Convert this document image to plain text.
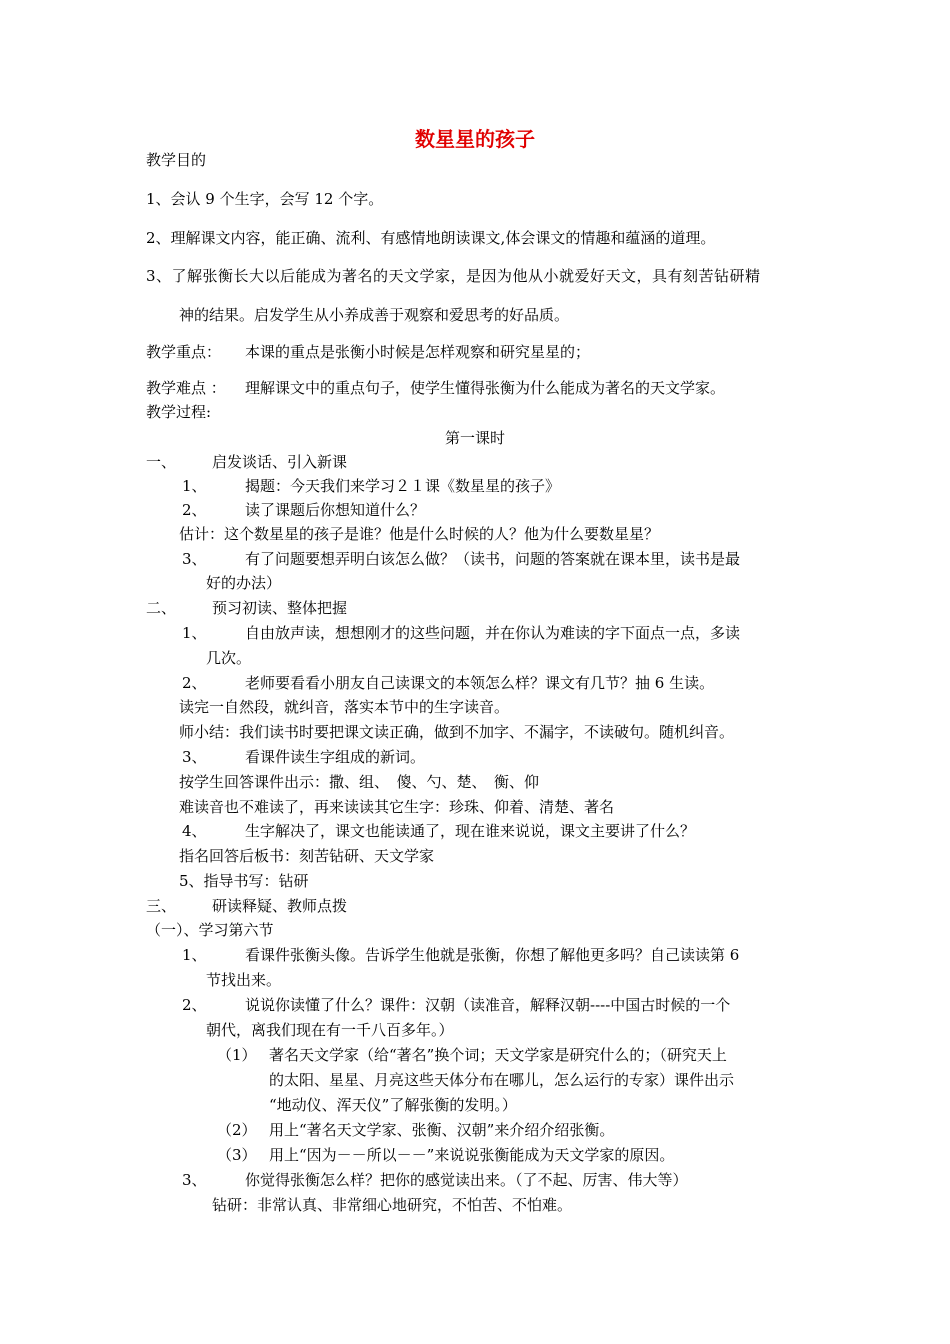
数星星的孩子
教学目的
1、会认 9 个生字，会写 12 个字。
2、理解课文内容，能正确、流利、有感情地朗读课文,体会课文的情趣和蕴涵的道理。
3、了解张衡长大以后能成为著名的天文学家，是因为他从小就爱好天文，具有刻苦钻研精
神的结果。启发学生从小养成善于观察和爱思考的好品质。
教学重点： 本课的重点是张衡小时候是怎样观察和研究星星的；
教学难点 ： 理解课文中的重点句子，使学生懂得张衡为什么能成为著名的天文学家。
教学过程:
第一课时
一、 启发谈话、引入新课
1、	揭题：今天我们来学习２１课《数星星的孩子》
2、	读了课题后你想知道什么？
估计：这个数星星的孩子是谁？他是什么时候的人？他为什么要数星星？
3、	有了问题要想弄明白该怎么做？（读书，问题的答案就在课本里，读书是最
好的办法）
二、 预习初读、整体把握
1、	自由放声读，想想刚才的这些问题，并在你认为难读的字下面点一点，多读
几次。
2、	老师要看看小朋友自己读课文的本领怎么样？课文有几节？抽 6 生读。
读完一自然段，就纠音，落实本节中的生字读音。
师小结：我们读书时要把课文读正确，做到不加字、不漏字，不读破句。随机纠音。
3、	看课件读生字组成的新词。
按学生回答课件出示：撒、组、　傻、勺、楚、　衡、仰
难读音也不难读了，再来读读其它生字：珍珠、仰着、清楚、著名
4、	生字解决了，课文也能读通了，现在谁来说说，课文主要讲了什么？
指名回答后板书：刻苦钻研、天文学家
5、指导书写：钻研
三、 研读释疑、教师点拨
（一）、学习第六节
1、	看课件张衡头像。告诉学生他就是张衡，你想了解他更多吗？自己读读第 6
节找出来。
2、	说说你读懂了什么？课件：汉朝（读准音，解释汉朝----中国古时候的一个
朝代，离我们现在有一千八百多年。）
（1） 著名天文学家（给“著名”换个词；天文学家是研究什么的；（研究天上
的太阳、星星、月亮这些天体分布在哪儿，怎么运行的专家）课件出示
“地动仪、浑天仪”了解张衡的发明。）
（2） 用上“著名天文学家、张衡、汉朝”来介绍介绍张衡。
（3） 用上“因为－－所以－－”来说说张衡能成为天文学家的原因。
3、	你觉得张衡怎么样？把你的感觉读出来。（了不起、厉害、伟大等）
钻研：非常认真、非常细心地研究，不怕苦、不怕难。
